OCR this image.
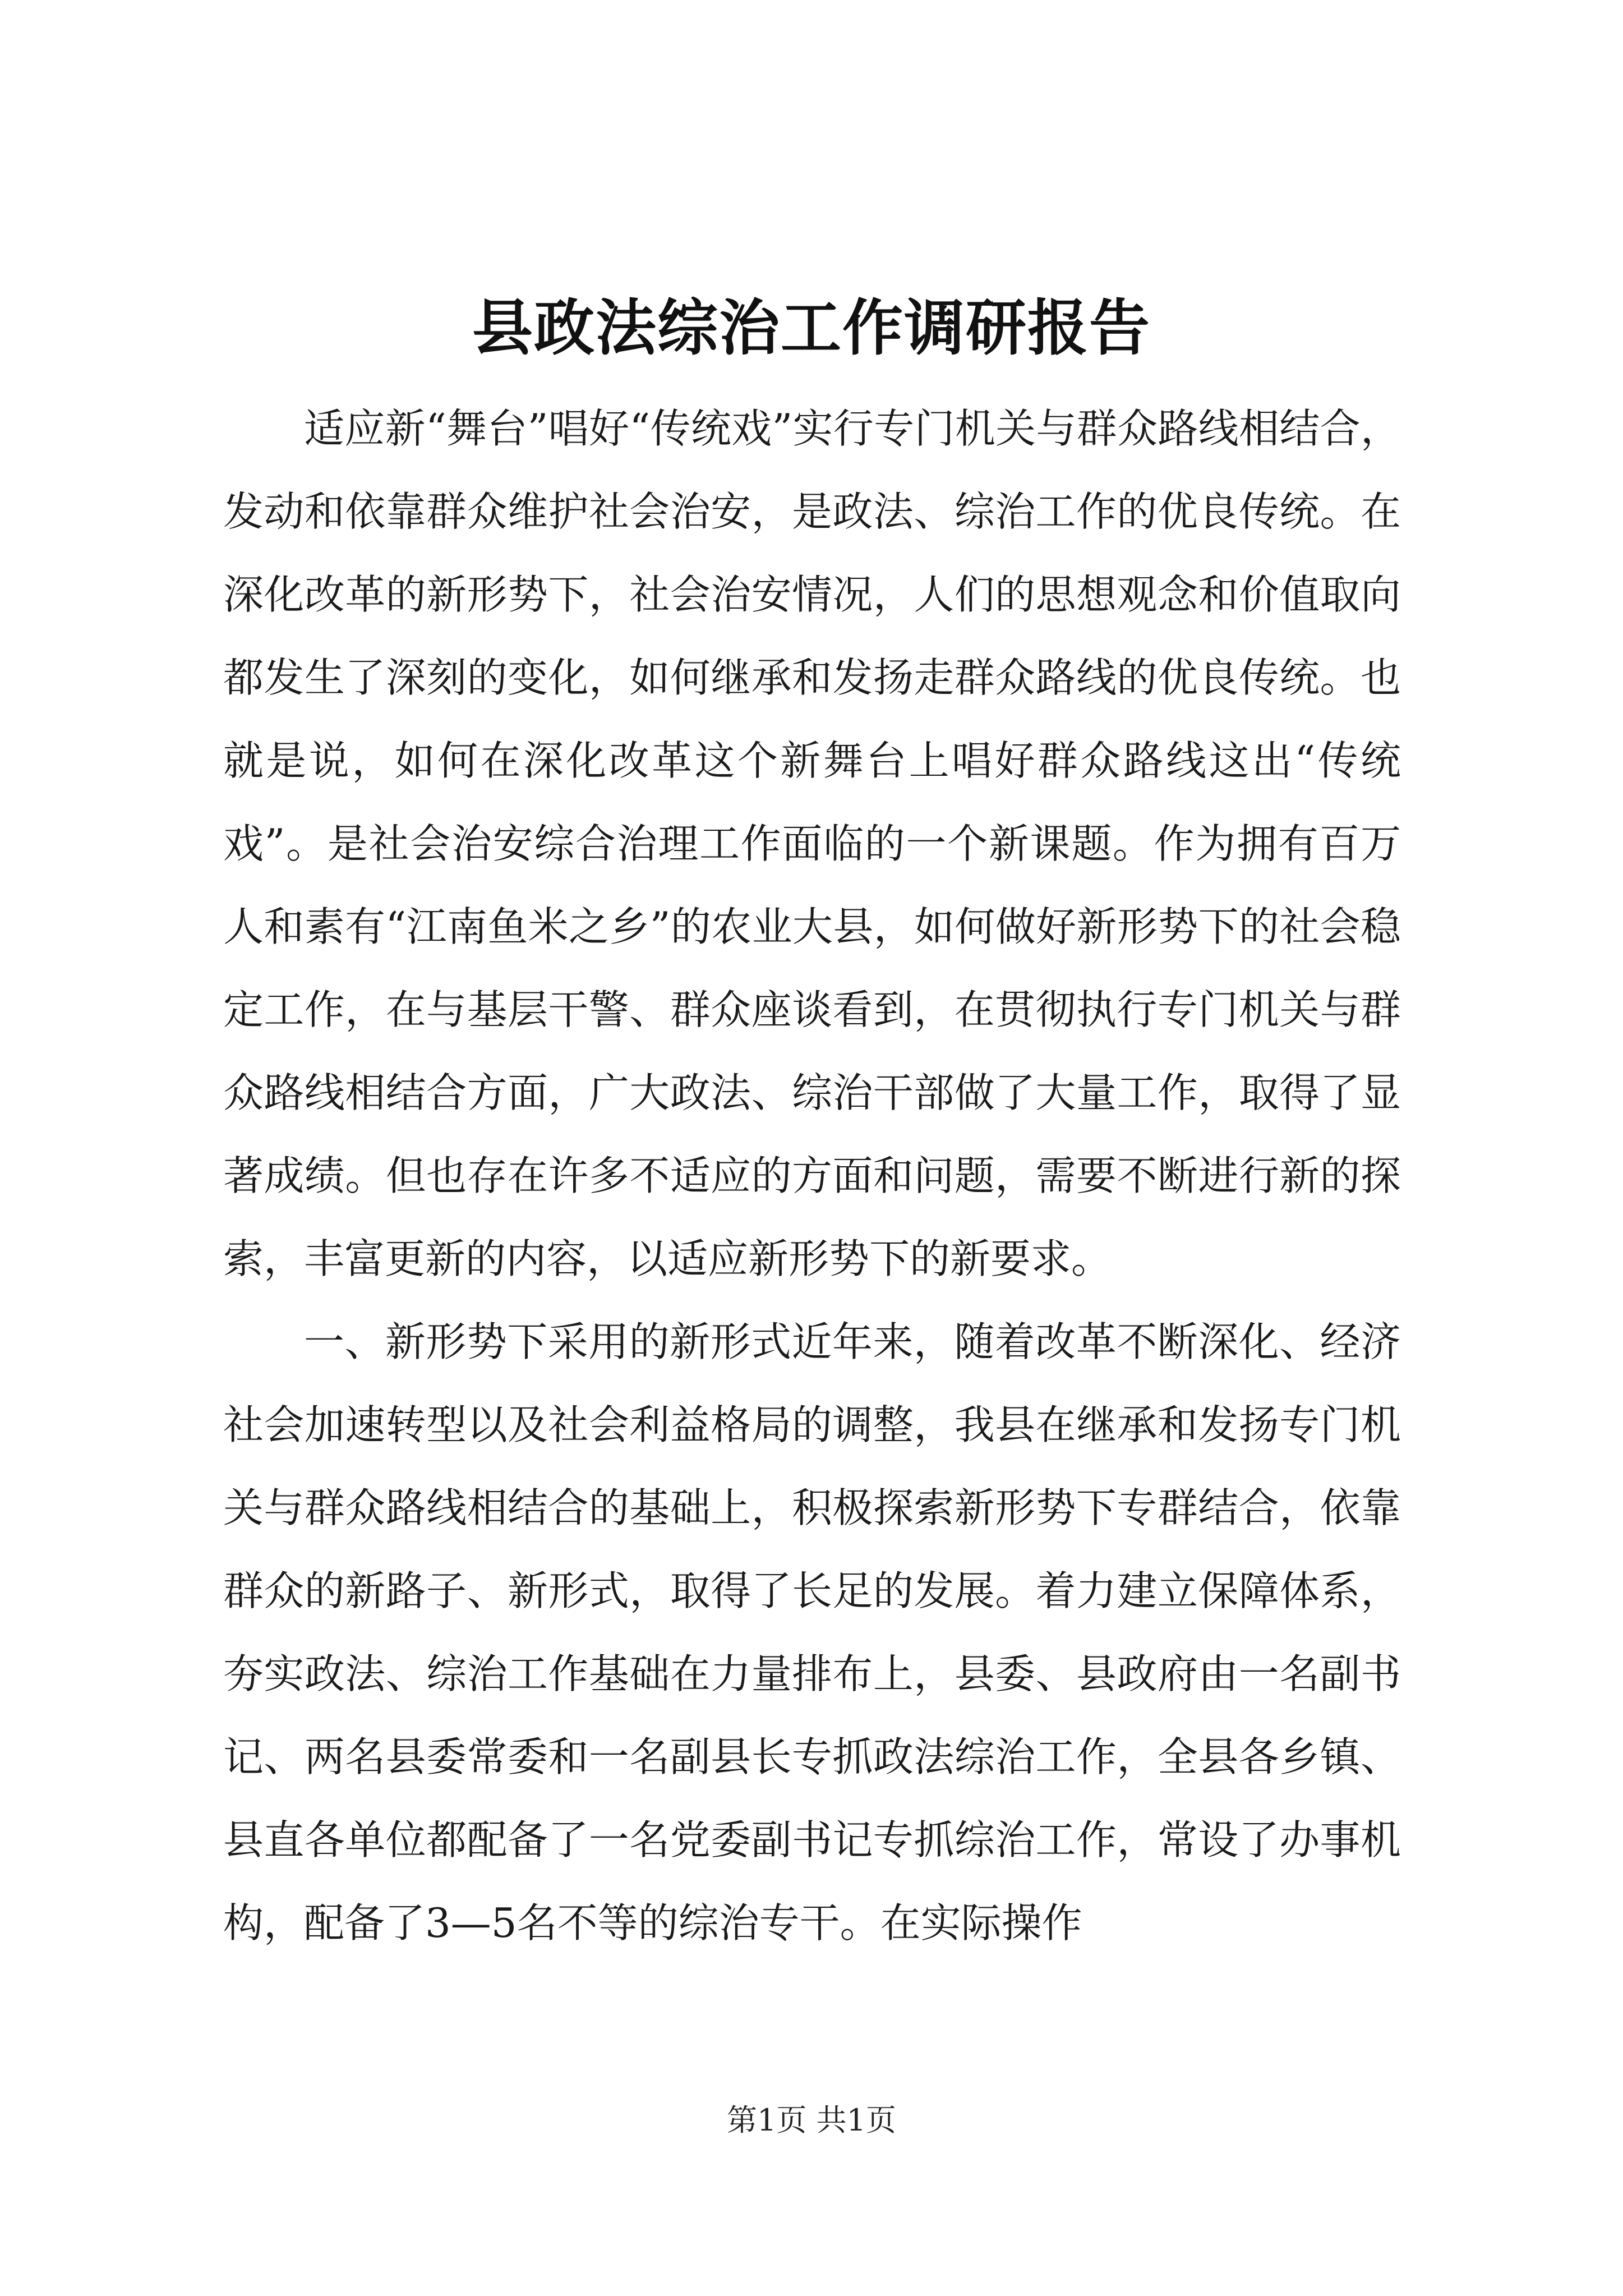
县政法综治工作调研报告

适应新“舞台”唱好“传统戏”实行专门机关与群众路线相结合，发动和依靠群众维护社会治安，是政法、综治工作的优良传统。在深化改革的新形势下，社会治安情况，人们的思想观念和价值取向都发生了深刻的变化，如何继承和发扬走群众路线的优良传统。也就是说，如何在深化改革这个新舞台上唱好群众路线这出“传统戏”。是社会治安综合治理工作面临的一个新课题。作为拥有百万人和素有“江南鱼米之乡”的农业大县，如何做好新形势下的社会稳定工作，在与基层干警、群众座谈看到，在贯彻执行专门机关与群众路线相结合方面，广大政法、综治干部做了大量工作，取得了显著成绩。但也存在许多不适应的方面和问题，需要不断进行新的探索，丰富更新的内容，以适应新形势下的新要求。

一、新形势下采用的新形式近年来，随着改革不断深化、经济社会加速转型以及社会利益格局的调整，我县在继承和发扬专门机关与群众路线相结合的基础上，积极探索新形势下专群结合，依靠群众的新路子、新形式，取得了长足的发展。着力建立保障体系，夯实政法、综治工作基础在力量排布上，县委、县政府由一名副书记、两名县委常委和一名副县长专抓政法综治工作，全县各乡镇、县直各单位都配备了一名党委副书记专抓综治工作，常设了办事机构，配备了3—5名不等的综治专干。在实际操作

第1页 共1页
